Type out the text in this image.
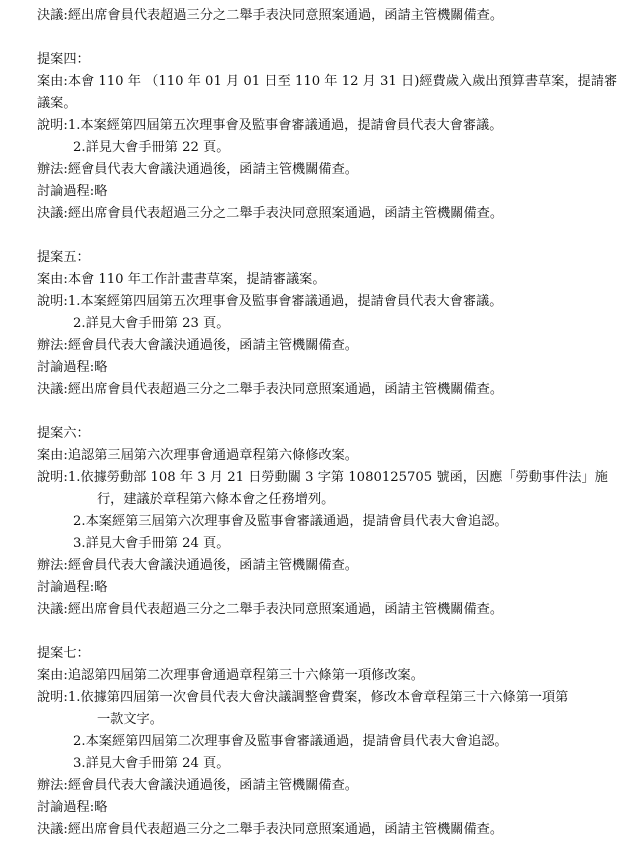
決議:經出席會員代表超過三分之二舉手表決同意照案通過，函請主管機關備查。
提案四：
案由:本會 110 年 （110 年 01 月 01 日至 110 年 12 月 31 日)經費歲入歲出預算書草案，提請審
議案。
說明:1.本案經第四屆第五次理事會及監事會審議通過，提請會員代表大會審議。
2.詳見大會手冊第 22 頁。
辦法:經會員代表大會議決通過後，函請主管機關備查。
討論過程:略
決議:經出席會員代表超過三分之二舉手表決同意照案通過，函請主管機關備查。
提案五：
案由:本會 110 年工作計畫書草案，提請審議案。
說明:1.本案經第四屆第五次理事會及監事會審議通過，提請會員代表大會審議。
2.詳見大會手冊第 23 頁。
辦法:經會員代表大會議決通過後，函請主管機關備查。
討論過程:略
決議:經出席會員代表超過三分之二舉手表決同意照案通過，函請主管機關備查。
提案六：
案由:追認第三屆第六次理事會通過章程第六條修改案。
說明:1.依據勞動部 108 年 3 月 21 日勞動關 3 字第 1080125705 號函，因應「勞動事件法」施
行，建議於章程第六條本會之任務增列。
2.本案經第三屆第六次理事會及監事會審議通過，提請會員代表大會追認。
3.詳見大會手冊第 24 頁。
辦法:經會員代表大會議決通過後，函請主管機關備查。
討論過程:略
決議:經出席會員代表超過三分之二舉手表決同意照案通過，函請主管機關備查。
提案七：
案由:追認第四屆第二次理事會通過章程第三十六條第一項修改案。
說明:1.依據第四屆第一次會員代表大會決議調整會費案，修改本會章程第三十六條第一項第
一款文字。
2.本案經第四屆第二次理事會及監事會審議通過，提請會員代表大會追認。
3.詳見大會手冊第 24 頁。
辦法:經會員代表大會議決通過後，函請主管機關備查。
討論過程:略
決議:經出席會員代表超過三分之二舉手表決同意照案通過，函請主管機關備查。
